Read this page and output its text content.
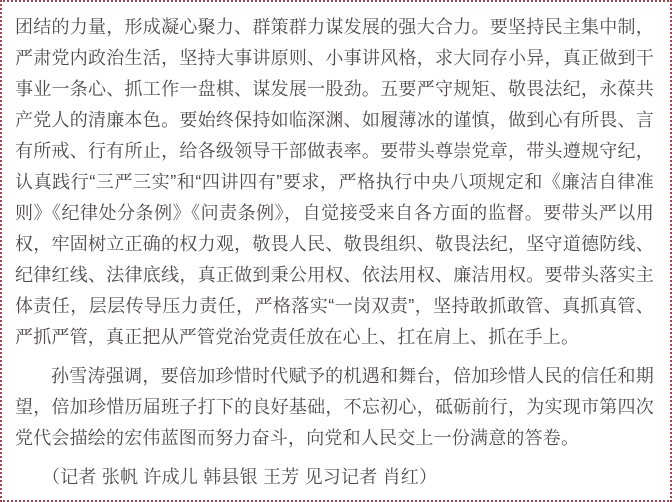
团结的力量，形成凝心聚力、群策群力谋发展的强大合力。要坚持民主集中制，严肃党内政治生活，坚持大事讲原则、小事讲风格，求大同存小异，真正做到干事业一条心、抓工作一盘棋、谋发展一股劲。五要严守规矩、敬畏法纪，永葆共产党人的清廉本色。要始终保持如临深渊、如履薄冰的谨慎，做到心有所畏、言有所戒、行有所止，给各级领导干部做表率。要带头尊崇党章，带头遵规守纪，认真践行“三严三实”和“四讲四有”要求，严格执行中央八项规定和《廉洁自律准则》《纪律处分条例》《问责条例》，自觉接受来自各方面的监督。要带头严以用权，牢固树立正确的权力观，敬畏人民、敬畏组织、敬畏法纪，坚守道德防线、纪律红线、法律底线，真正做到秉公用权、依法用权、廉洁用权。要带头落实主体责任，层层传导压力责任，严格落实“一岗双责”，坚持敢抓敢管、真抓真管、严抓严管，真正把从严管党治党责任放在心上、扛在肩上、抓在手上。

孙雪涛强调，要倍加珍惜时代赋予的机遇和舞台，倍加珍惜人民的信任和期望，倍加珍惜历届班子打下的良好基础，不忘初心，砥砺前行，为实现市第四次党代会描绘的宏伟蓝图而努力奋斗，向党和人民交上一份满意的答卷。

（记者 张帆 许成儿 韩县银 王芳 见习记者 肖红）
